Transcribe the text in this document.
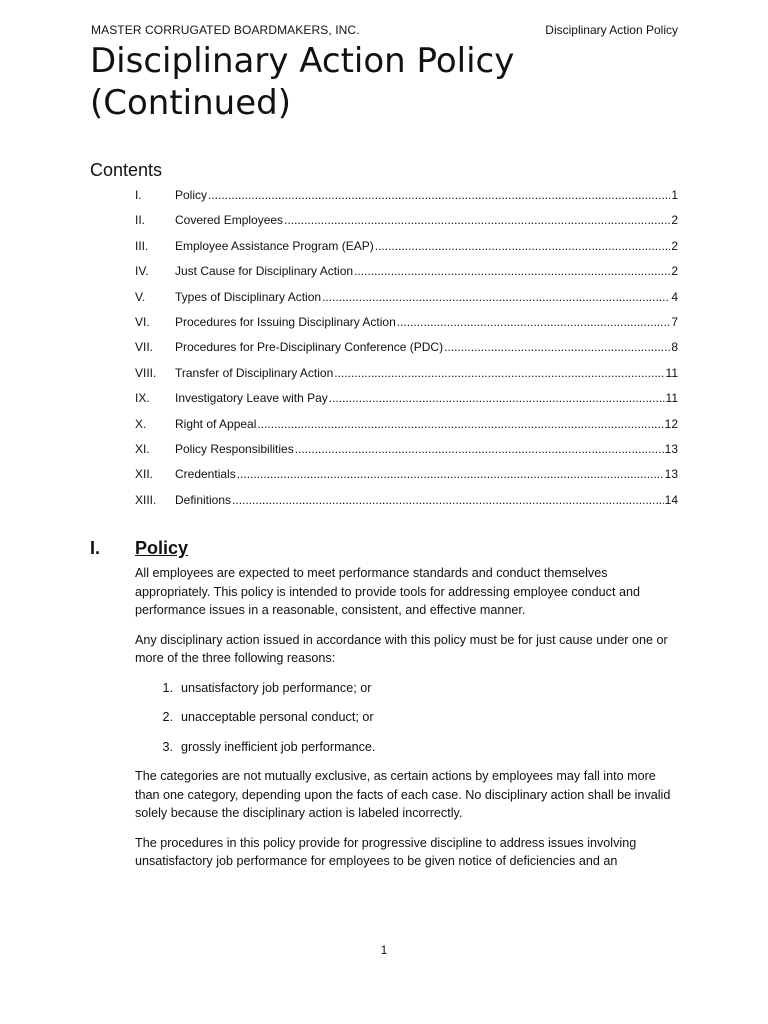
MASTER CORRUGATED BOARDMAKERS, INC.	Disciplinary Action Policy
Disciplinary Action Policy (Continued)
Contents
I.	Policy .....	1
II.	Covered Employees .....	2
III.	Employee Assistance Program (EAP) .....	2
IV.	Just Cause for Disciplinary Action .....	2
V.	Types of Disciplinary Action .....	4
VI.	Procedures for Issuing Disciplinary Action .....	7
VII.	Procedures for Pre-Disciplinary Conference (PDC) .....	8
VIII.	Transfer of Disciplinary Action .....	11
IX.	Investigatory Leave with Pay .....	11
X.	Right of Appeal .....	12
XI.	Policy Responsibilities .....	13
XII.	Credentials .....	13
XIII.	Definitions .....	14
I.	Policy

All employees are expected to meet performance standards and conduct themselves appropriately. This policy is intended to provide tools for addressing employee conduct and performance issues in a reasonable, consistent, and effective manner.

Any disciplinary action issued in accordance with this policy must be for just cause under one or more of the three following reasons:

1. unsatisfactory job performance; or
2. unacceptable personal conduct; or
3. grossly inefficient job performance.

The categories are not mutually exclusive, as certain actions by employees may fall into more than one category, depending upon the facts of each case. No disciplinary action shall be invalid solely because the disciplinary action is labeled incorrectly.

The procedures in this policy provide for progressive discipline to address issues involving unsatisfactory job performance for employees to be given notice of deficiencies and an

1
